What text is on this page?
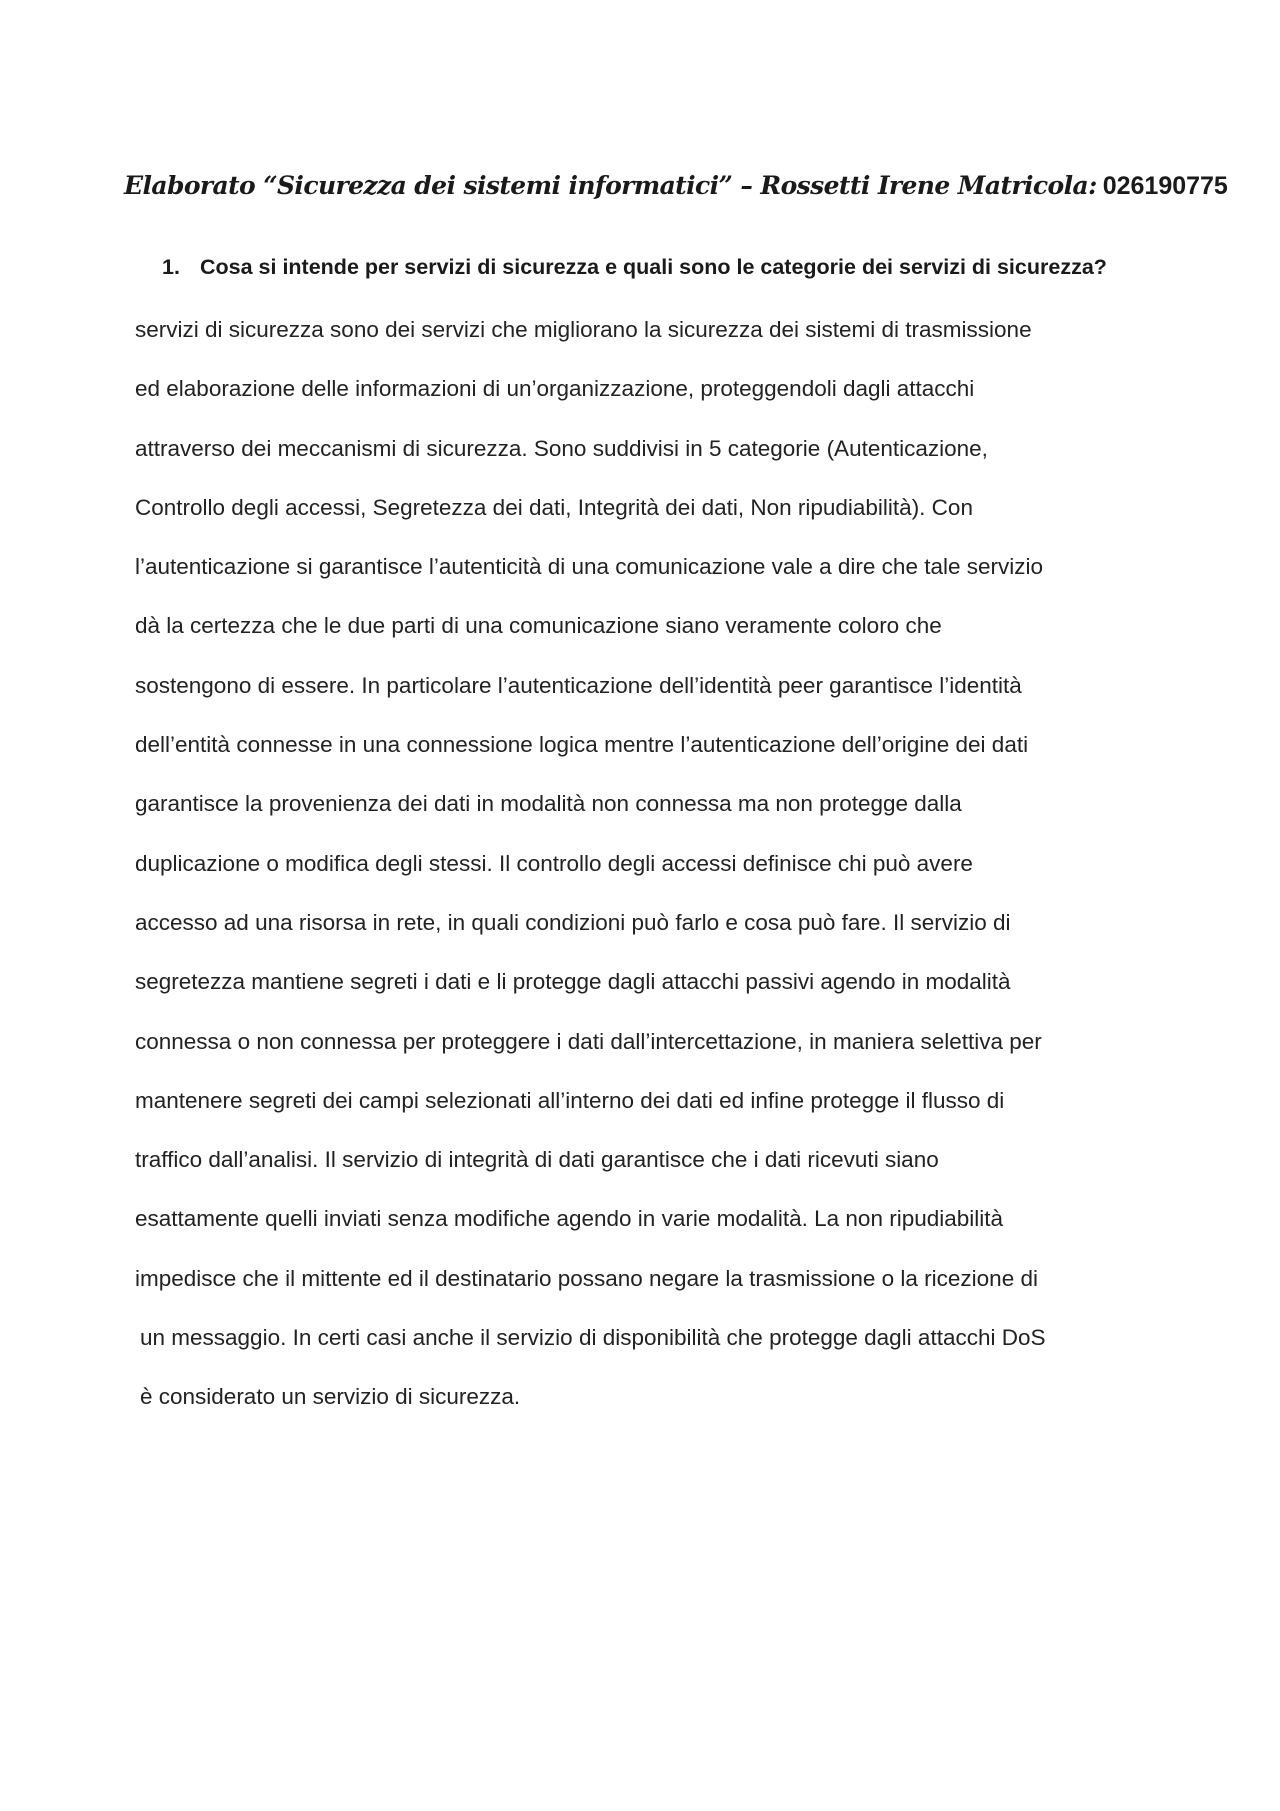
Elaborato “Sicurezza dei sistemi informatici” – Rossetti Irene Matricola: 026190775
1. Cosa si intende per servizi di sicurezza e quali sono le categorie dei servizi di sicurezza?
servizi di sicurezza sono dei servizi che migliorano la sicurezza dei sistemi di trasmissione
ed elaborazione delle informazioni di un’organizzazione, proteggendoli dagli attacchi
attraverso dei meccanismi di sicurezza. Sono suddivisi in 5 categorie (Autenticazione,
Controllo degli accessi, Segretezza dei dati, Integrità dei dati, Non ripudiabilità). Con
l’autenticazione si garantisce l’autenticità di una comunicazione vale a dire che tale servizio
dà la certezza che le due parti di una comunicazione siano veramente coloro che
sostengono di essere. In particolare l’autenticazione dell’identità peer garantisce l’identità
dell’entità connesse in una connessione logica mentre l’autenticazione dell’origine dei dati
garantisce la provenienza dei dati in modalità non connessa ma non protegge dalla
duplicazione o modifica degli stessi. Il controllo degli accessi definisce chi può avere
accesso ad una risorsa in rete, in quali condizioni può farlo e cosa può fare. Il servizio di
segretezza mantiene segreti i dati e li protegge dagli attacchi passivi agendo in modalità
connessa o non connessa per proteggere i dati dall’intercettazione, in maniera selettiva per
mantenere segreti dei campi selezionati all’interno dei dati ed infine protegge il flusso di
traffico dall’analisi. Il servizio di integrità di dati garantisce che i dati ricevuti siano
esattamente quelli inviati senza modifiche agendo in varie modalità. La non ripudiabilità
impedisce che il mittente ed il destinatario possano negare la trasmissione o la ricezione di
un messaggio. In certi casi anche il servizio di disponibilità che protegge dagli attacchi DoS
è considerato un servizio di sicurezza.
